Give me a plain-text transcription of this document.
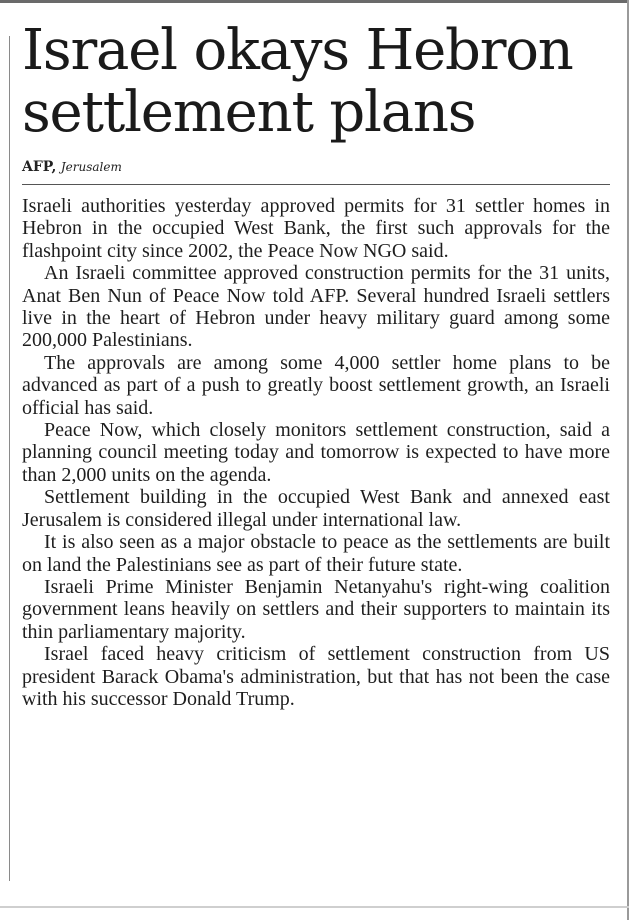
Israel okays Hebron
settlement plans
AFP, Jerusalem

Israeli authorities yesterday approved permits for 31 settler homes in Hebron in the occupied West Bank, the first such approvals for the flashpoint city since 2002, the Peace Now NGO said.

An Israeli committee approved construction permits for the 31 units, Anat Ben Nun of Peace Now told AFP. Several hundred Israeli settlers live in the heart of Hebron under heavy military guard among some 200,000 Palestinians.

The approvals are among some 4,000 settler home plans to be advanced as part of a push to greatly boost settlement growth, an Israeli official has said.

Peace Now, which closely monitors settlement construction, said a planning council meeting today and tomorrow is expected to have more than 2,000 units on the agenda.

Settlement building in the occupied West Bank and annexed east Jerusalem is considered illegal under international law.

It is also seen as a major obstacle to peace as the settlements are built on land the Palestinians see as part of their future state.

Israeli Prime Minister Benjamin Netanyahu's right-wing coalition government leans heavily on settlers and their supporters to maintain its thin parliamentary majority.

Israel faced heavy criticism of settlement construction from US president Barack Obama's administration, but that has not been the case with his successor Donald Trump.
